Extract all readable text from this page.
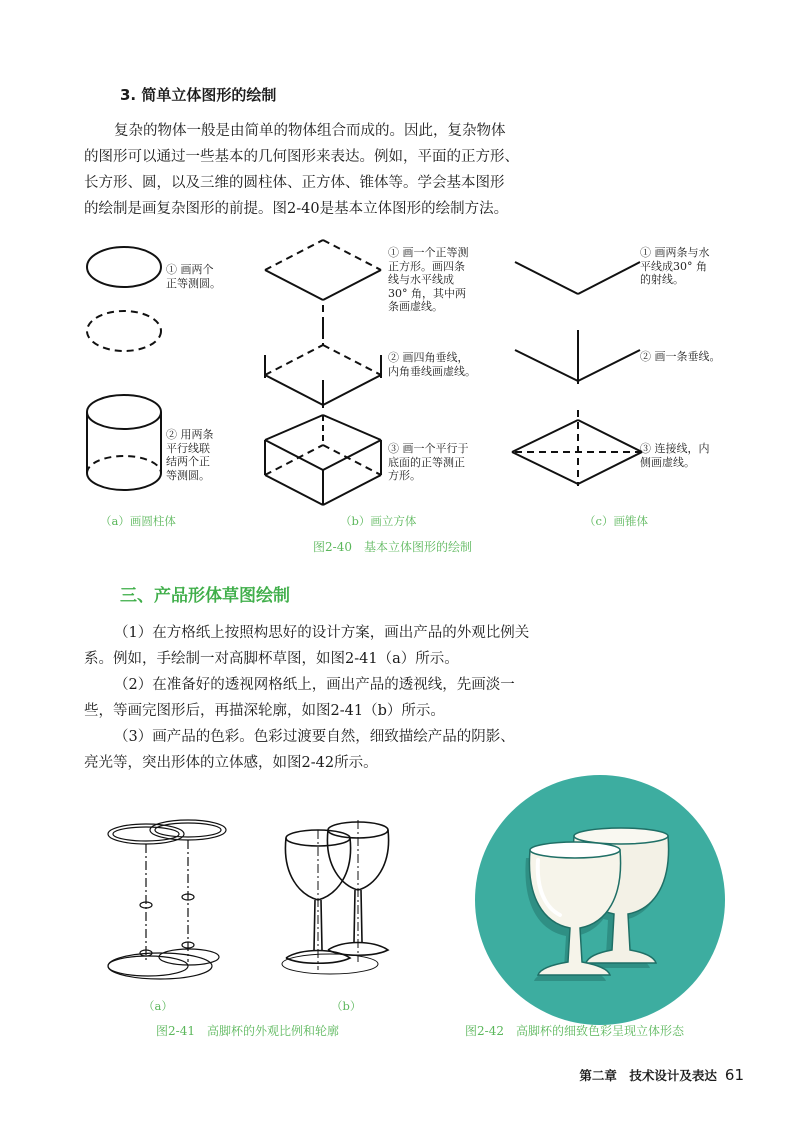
3. 简单立体图形的绘制

复杂的物体一般是由简单的物体组合而成的。因此，复杂物体
的图形可以通过一些基本的几何图形来表达。例如，平面的正方形、
长方形、圆，以及三维的圆柱体、正方体、锥体等。学会基本图形
的绘制是画复杂图形的前提。图2-40是基本立体图形的绘制方法。

① 画两个
正等测圆。
② 用两条
平行线联
结两个正
等测圆。
① 画一个正等测
正方形。画四条
线与水平线成
30° 角，其中两
条画虚线。
② 画四角垂线，
内角垂线画虚线。
③ 画一个平行于
底面的正等测正
方形。
① 画两条与水
平线成30° 角
的射线。
② 画一条垂线。
③ 连接线，内
侧画虚线。
（a）画圆柱体	（b）画立方体	（c）画锥体
图2-40　基本立体图形的绘制
三、产品形体草图绘制

（1）在方格纸上按照构思好的设计方案，画出产品的外观比例关
系。例如，手绘制一对高脚杯草图，如图2-41（a）所示。
（2）在准备好的透视网格纸上，画出产品的透视线，先画淡一
些，等画完图形后，再描深轮廓，如图2-41（b）所示。
（3）画产品的色彩。色彩过渡要自然，细致描绘产品的阴影、
亮光等，突出形体的立体感，如图2-42所示。

（a）	（b）
图2-41　高脚杯的外观比例和轮廓	图2-42　高脚杯的细致色彩呈现立体形态
第二章　技术设计及表达 61
